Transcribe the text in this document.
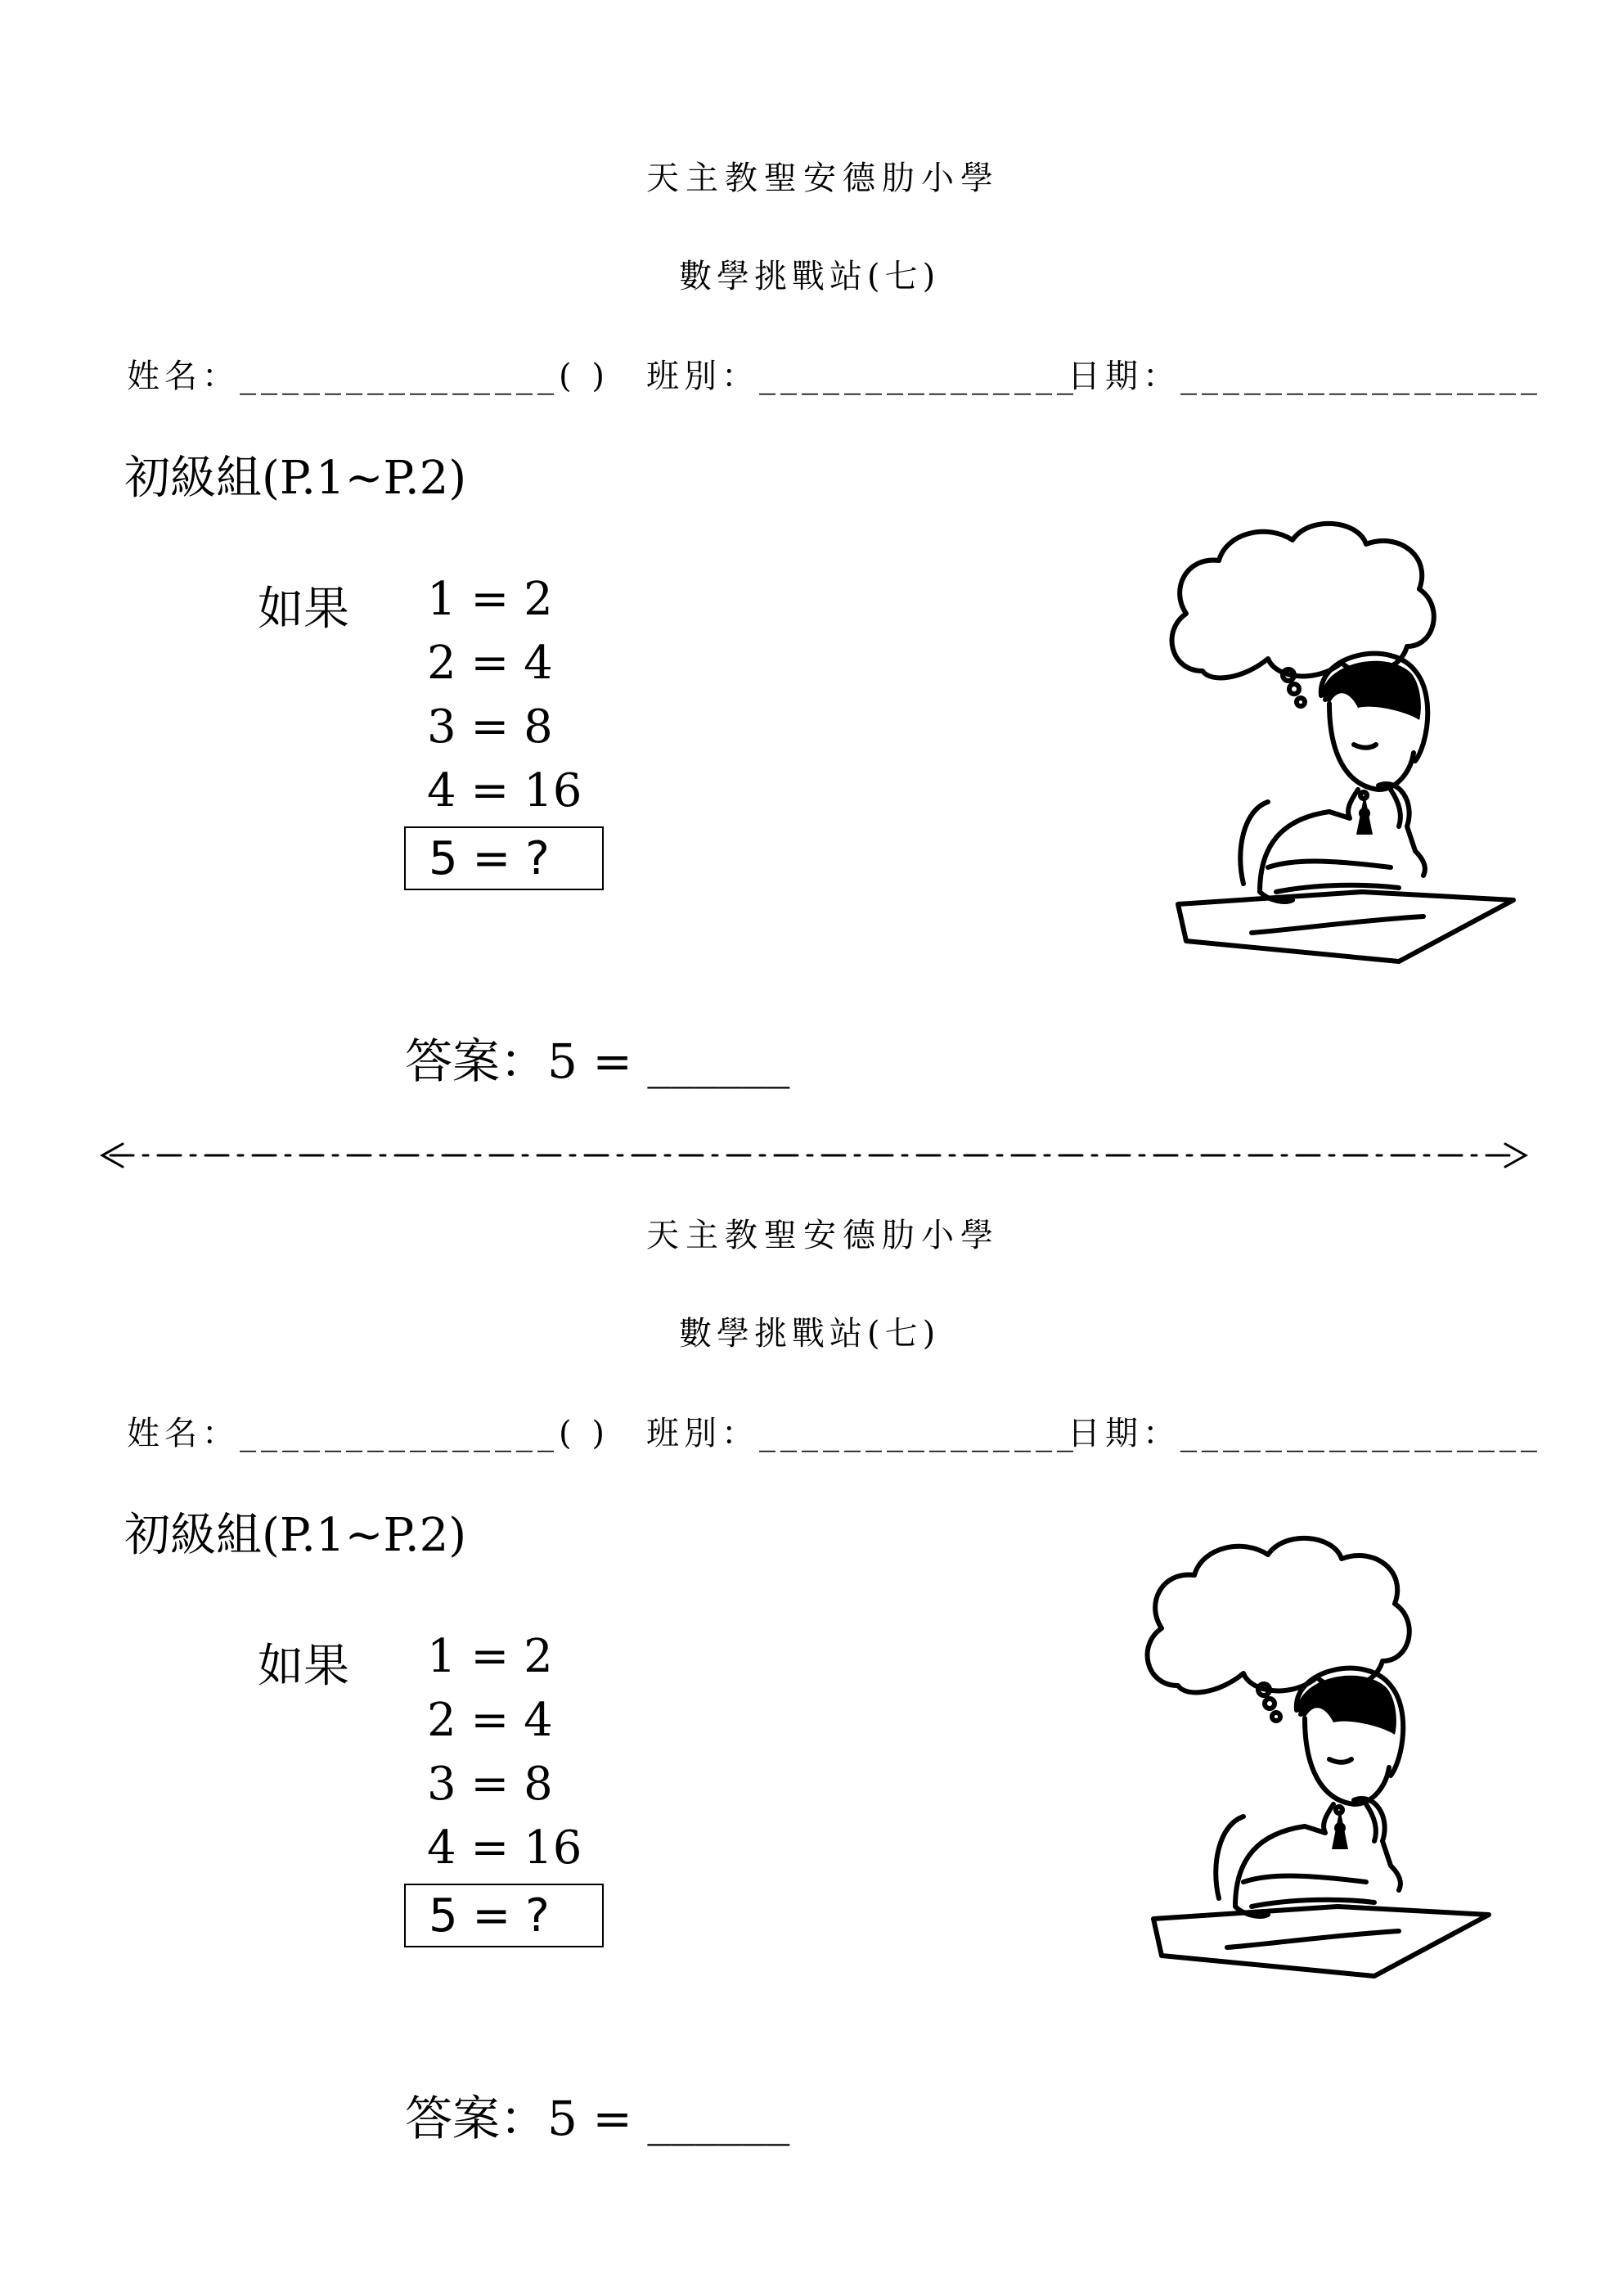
天主教聖安德肋小學
數學挑戰站(七)
姓名：_______________( ) 班別：_______________
日期：_________________
初級組(P.1~P.2)
如果 1 = 2
2 = 4
3 = 8
4 = 16
5 = ?
答案：5 = ______
天主教聖安德肋小學
數學挑戰站(七)
姓名：_______________( ) 班別：_______________
日期：_________________
初級組(P.1~P.2)
如果 1 = 2
2 = 4
3 = 8
4 = 16
5 = ?
答案：5 = ______
